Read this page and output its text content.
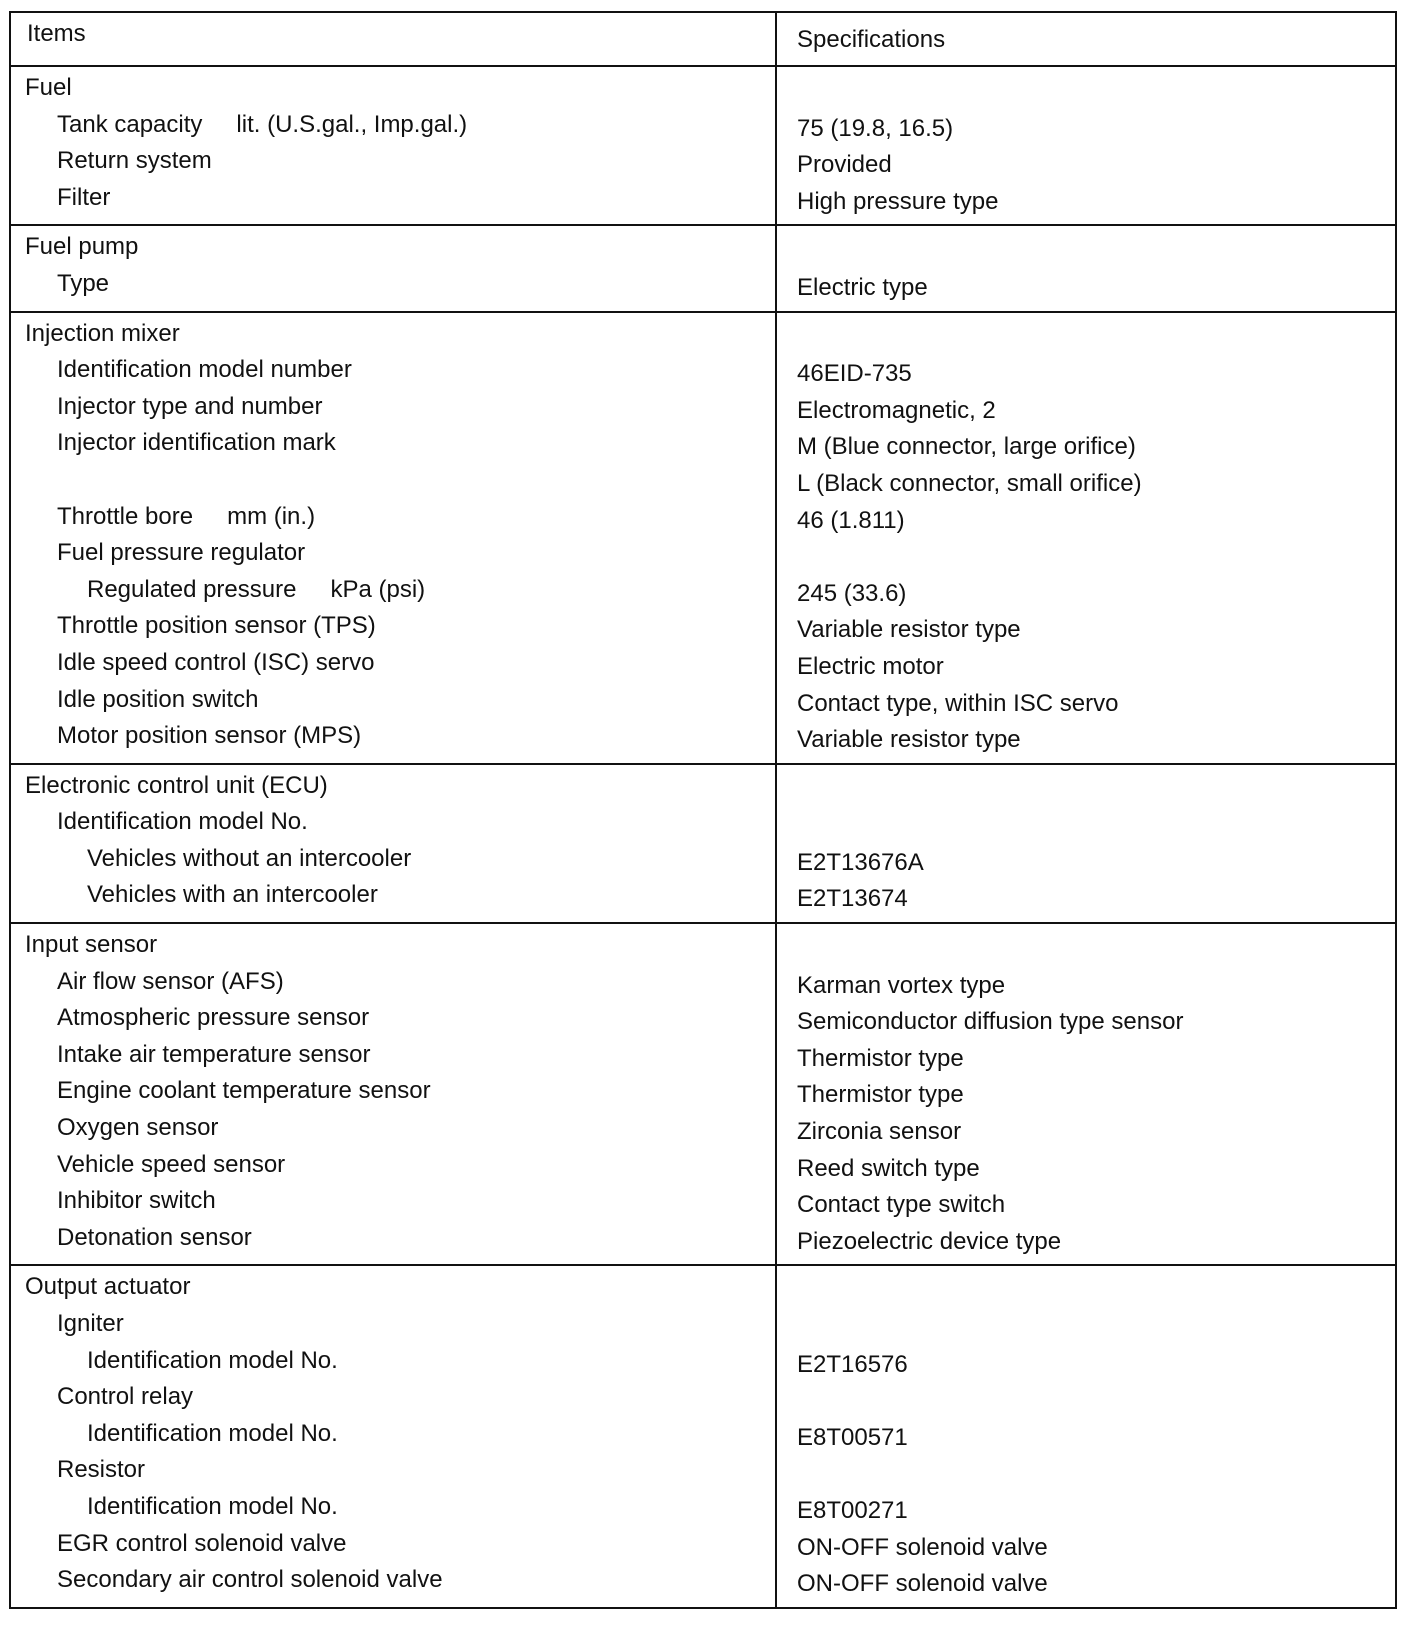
Items	Specifications
Fuel
Tank capacity lit. (U.S.gal., Imp.gal.)	75 (19.8, 16.5)
Return system	Provided
Filter	High pressure type
Fuel pump
Type	Electric type
Injection mixer
Identification model number	46EID-735
Injector type and number	Electromagnetic, 2
Injector identification mark	M (Blue connector, large orifice)
L (Black connector, small orifice)
Throttle bore mm (in.)	46 (1.811)
Fuel pressure regulator
Regulated pressure kPa (psi)	245 (33.6)
Throttle position sensor (TPS)	Variable resistor type
Idle speed control (ISC) servo	Electric motor
Idle position switch	Contact type, within ISC servo
Motor position sensor (MPS)	Variable resistor type
Electronic control unit (ECU)
Identification model No.
Vehicles without an intercooler	E2T13676A
Vehicles with an intercooler	E2T13674
Input sensor
Air flow sensor (AFS)	Karman vortex type
Atmospheric pressure sensor	Semiconductor diffusion type sensor
Intake air temperature sensor	Thermistor type
Engine coolant temperature sensor	Thermistor type
Oxygen sensor	Zirconia sensor
Vehicle speed sensor	Reed switch type
Inhibitor switch	Contact type switch
Detonation sensor	Piezoelectric device type
Output actuator
Igniter
Identification model No.	E2T16576
Control relay
Identification model No.	E8T00571
Resistor
Identification model No.	E8T00271
EGR control solenoid valve	ON-OFF solenoid valve
Secondary air control solenoid valve	ON-OFF solenoid valve
